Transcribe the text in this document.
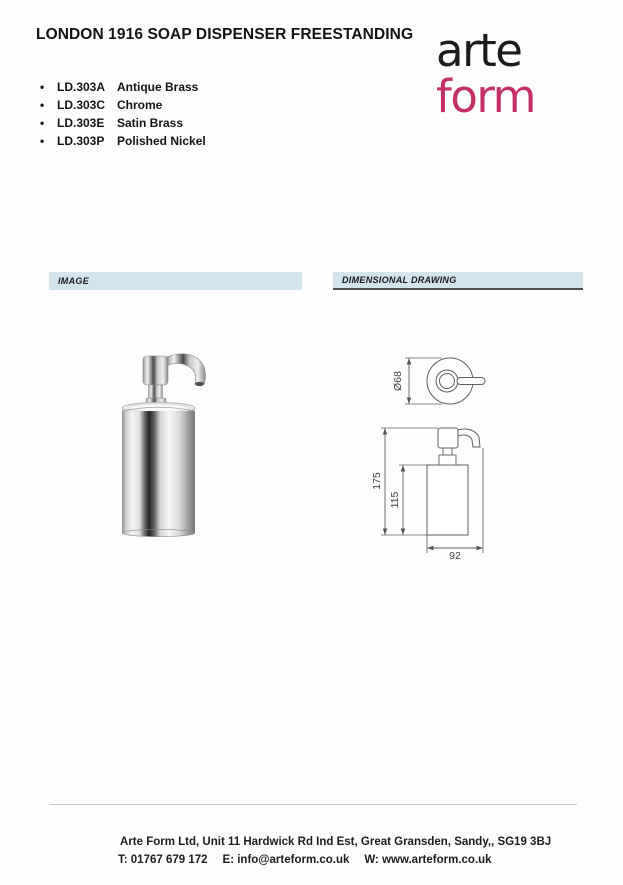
LONDON 1916 SOAP DISPENSER FREESTANDING arte
form
•	LD.303A Antique Brass
•	LD.303C Chrome
•	LD.303E	Satin Brass
•	LD.303P	Polished Nickel
IMAGE	DIMENSIONAL DRAWING
Ø68
175
115
92
Arte Form Ltd, Unit 11 Hardwick Rd Ind Est, Great Gransden, Sandy,, SG19 3BJ
T: 01767 679 172 E: info@arteform.co.uk W: www.arteform.co.uk
